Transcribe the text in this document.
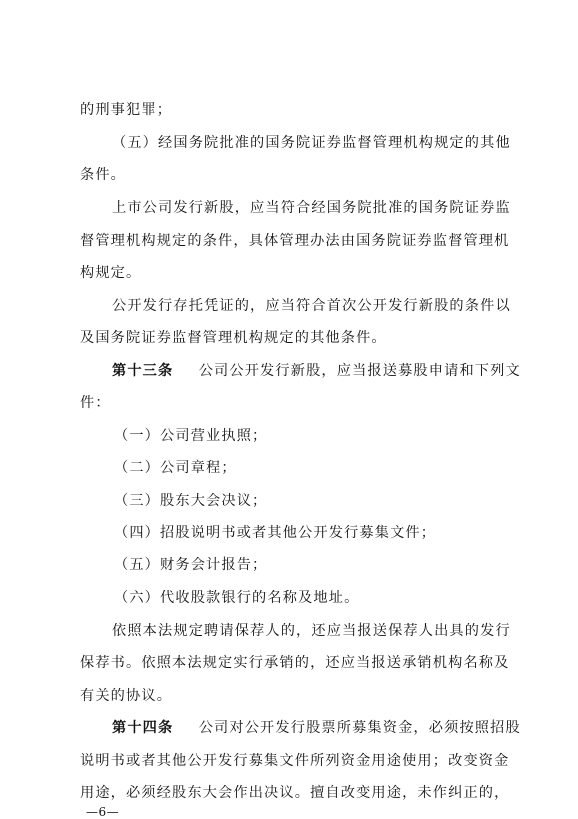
的刑事犯罪；
（五）经国务院批准的国务院证券监督管理机构规定的其他
条件。
上市公司发行新股，应当符合经国务院批准的国务院证券监
督管理机构规定的条件，具体管理办法由国务院证券监督管理机
构规定。
公开发行存托凭证的，应当符合首次公开发行新股的条件以
及国务院证券监督管理机构规定的其他条件。
第十三条 公司公开发行新股，应当报送募股申请和下列文
件：
（一）公司营业执照；
（二）公司章程；
（三）股东大会决议；
（四）招股说明书或者其他公开发行募集文件；
（五）财务会计报告；
（六）代收股款银行的名称及地址。
依照本法规定聘请保荐人的，还应当报送保荐人出具的发行
保荐书。依照本法规定实行承销的，还应当报送承销机构名称及
有关的协议。
第十四条 公司对公开发行股票所募集资金，必须按照招股
说明书或者其他公开发行募集文件所列资金用途使用；改变资金
用途，必须经股东大会作出决议。擅自改变用途，未作纠正的，
—6—
